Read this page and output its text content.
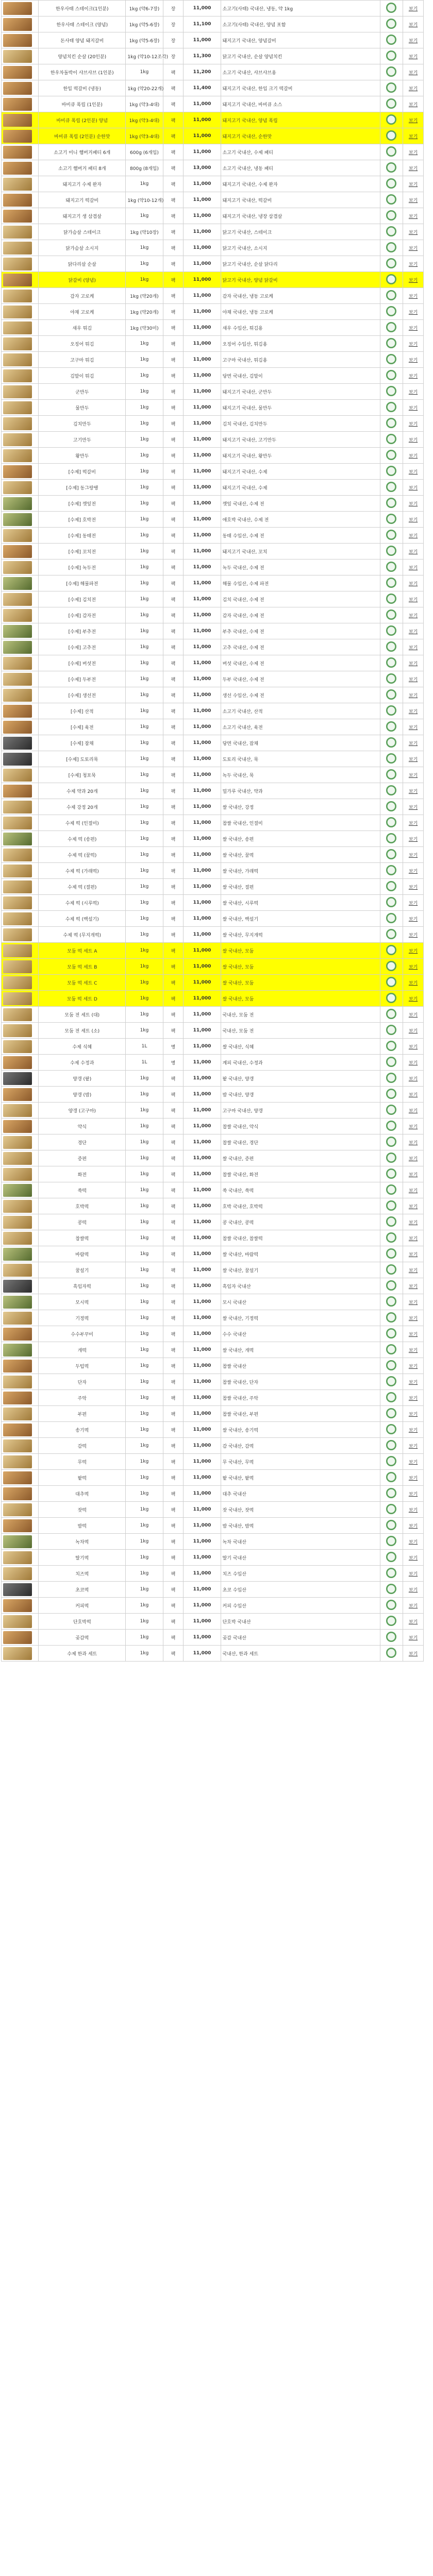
	한우사태 스테이크(1인분)	1kg (약6-7장)	장	11,000	소고기(사태) 국내산, 냉동, 약 1kg		보기

	한우사태 스테이크 (양념)	1kg (약5-6장)	장	11,100	소고기(사태) 국내산, 양념 포함		보기

	돈사태 양념 돼지갈비	1kg (약5-6장)	장	11,000	돼지고기 국내산, 양념갈비		보기

	양념치킨 순살 (20인분)	1kg (약10-12조각)	장	11,300	닭고기 국내산, 순살 양념치킨		보기

	한우차돌박이 샤브샤브 (1인분)	1kg	팩	11,200	소고기 국내산, 샤브샤브용		보기

	한입 떡갈비 (냉동)	1kg (약20-22개)	팩	11,400	돼지고기 국내산, 한입 크기 떡갈비		보기

	바비큐 폭립 (1인분)	1kg (약3-4대)	팩	11,000	돼지고기 국내산, 바비큐 소스		보기

	바비큐 폭립 (2인분) 양념	1kg (약3-4대)	팩	11,000	돼지고기 국내산, 양념 폭립		보기

	바비큐 폭립 (2인분) 순한맛	1kg (약3-4대)	팩	11,000	돼지고기 국내산, 순한맛		보기

	소고기 미니 햄버거패티 6개	600g (6개입)	팩	11,000	소고기 국내산, 수제 패티		보기

	소고기 햄버거 패티 8개	800g (8개입)	팩	13,000	소고기 국내산, 냉동 패티		보기

	돼지고기 수제 완자	1kg	팩	11,000	돼지고기 국내산, 수제 완자		보기

	돼지고기 떡갈비	1kg (약10-12개)	팩	11,000	돼지고기 국내산, 떡갈비		보기

	돼지고기 생 삼겹살	1kg	팩	11,000	돼지고기 국내산, 냉장 삼겹살		보기

	닭가슴살 스테이크	1kg (약10장)	팩	11,000	닭고기 국내산, 스테이크		보기

	닭가슴살 소시지	1kg	팩	11,000	닭고기 국내산, 소시지		보기

	닭다리살 순살	1kg	팩	11,000	닭고기 국내산, 순살 닭다리		보기

	닭갈비 (양념)	1kg	팩	11,000	닭고기 국내산, 양념 닭갈비		보기

	감자 고로케	1kg (약20개)	팩	11,000	감자 국내산, 냉동 고로케		보기

	야채 고로케	1kg (약20개)	팩	11,000	야채 국내산, 냉동 고로케		보기

	새우 튀김	1kg (약30미)	팩	11,000	새우 수입산, 튀김용		보기

	오징어 튀김	1kg	팩	11,000	오징어 수입산, 튀김용		보기

	고구마 튀김	1kg	팩	11,000	고구마 국내산, 튀김용		보기

	김말이 튀김	1kg	팩	11,000	당면 국내산, 김말이		보기

	군만두	1kg	팩	11,000	돼지고기 국내산, 군만두		보기

	물만두	1kg	팩	11,000	돼지고기 국내산, 물만두		보기

	김치만두	1kg	팩	11,000	김치 국내산, 김치만두		보기

	고기만두	1kg	팩	11,000	돼지고기 국내산, 고기만두		보기

	왕만두	1kg	팩	11,000	돼지고기 국내산, 왕만두		보기

	[수제] 떡갈비	1kg	팩	11,000	돼지고기 국내산, 수제		보기

	[수제] 동그랑땡	1kg	팩	11,000	돼지고기 국내산, 수제		보기

	[수제] 깻잎전	1kg	팩	11,000	깻잎 국내산, 수제 전		보기

	[수제] 호박전	1kg	팩	11,000	애호박 국내산, 수제 전		보기

	[수제] 동태전	1kg	팩	11,000	동태 수입산, 수제 전		보기

	[수제] 꼬치전	1kg	팩	11,000	돼지고기 국내산, 꼬치		보기

	[수제] 녹두전	1kg	팩	11,000	녹두 국내산, 수제 전		보기

	[수제] 해물파전	1kg	팩	11,000	해물 수입산, 수제 파전		보기

	[수제] 김치전	1kg	팩	11,000	김치 국내산, 수제 전		보기

	[수제] 감자전	1kg	팩	11,000	감자 국내산, 수제 전		보기

	[수제] 부추전	1kg	팩	11,000	부추 국내산, 수제 전		보기

	[수제] 고추전	1kg	팩	11,000	고추 국내산, 수제 전		보기

	[수제] 버섯전	1kg	팩	11,000	버섯 국내산, 수제 전		보기

	[수제] 두부전	1kg	팩	11,000	두부 국내산, 수제 전		보기

	[수제] 생선전	1kg	팩	11,000	생선 수입산, 수제 전		보기

	[수제] 산적	1kg	팩	11,000	소고기 국내산, 산적		보기

	[수제] 육전	1kg	팩	11,000	소고기 국내산, 육전		보기

	[수제] 잡채	1kg	팩	11,000	당면 국내산, 잡채		보기

	[수제] 도토리묵	1kg	팩	11,000	도토리 국내산, 묵		보기

	[수제] 청포묵	1kg	팩	11,000	녹두 국내산, 묵		보기

	수제 약과 20개	1kg	팩	11,000	밀가루 국내산, 약과		보기

	수제 강정 20개	1kg	팩	11,000	쌀 국내산, 강정		보기

	수제 떡 (인절미)	1kg	팩	11,000	찹쌀 국내산, 인절미		보기

	수제 떡 (송편)	1kg	팩	11,000	쌀 국내산, 송편		보기

	수제 떡 (꿀떡)	1kg	팩	11,000	쌀 국내산, 꿀떡		보기

	수제 떡 (가래떡)	1kg	팩	11,000	쌀 국내산, 가래떡		보기

	수제 떡 (절편)	1kg	팩	11,000	쌀 국내산, 절편		보기

	수제 떡 (시루떡)	1kg	팩	11,000	쌀 국내산, 시루떡		보기

	수제 떡 (백설기)	1kg	팩	11,000	쌀 국내산, 백설기		보기

	수제 떡 (무지개떡)	1kg	팩	11,000	쌀 국내산, 무지개떡		보기

	모둠 떡 세트 A	1kg	팩	11,000	쌀 국내산, 모둠		보기

	모둠 떡 세트 B	1kg	팩	11,000	쌀 국내산, 모둠		보기

	모둠 떡 세트 C	1kg	팩	11,000	쌀 국내산, 모둠		보기

	모둠 떡 세트 D	1kg	팩	11,000	쌀 국내산, 모둠		보기

	모둠 전 세트 (대)	1kg	팩	11,000	국내산, 모둠 전		보기

	모둠 전 세트 (소)	1kg	팩	11,000	국내산, 모둠 전		보기

	수제 식혜	1L	병	11,000	쌀 국내산, 식혜		보기

	수제 수정과	1L	병	11,000	계피 국내산, 수정과		보기

	양갱 (팥)	1kg	팩	11,000	팥 국내산, 양갱		보기

	양갱 (밤)	1kg	팩	11,000	밤 국내산, 양갱		보기

	양갱 (고구마)	1kg	팩	11,000	고구마 국내산, 양갱		보기

	약식	1kg	팩	11,000	찹쌀 국내산, 약식		보기

	경단	1kg	팩	11,000	찹쌀 국내산, 경단		보기

	증편	1kg	팩	11,000	쌀 국내산, 증편		보기

	화전	1kg	팩	11,000	찹쌀 국내산, 화전		보기

	쑥떡	1kg	팩	11,000	쑥 국내산, 쑥떡		보기

	호박떡	1kg	팩	11,000	호박 국내산, 호박떡		보기

	콩떡	1kg	팩	11,000	콩 국내산, 콩떡		보기

	찹쌀떡	1kg	팩	11,000	찹쌀 국내산, 찹쌀떡		보기

	바람떡	1kg	팩	11,000	쌀 국내산, 바람떡		보기

	꿀설기	1kg	팩	11,000	쌀 국내산, 꿀설기		보기

	흑임자떡	1kg	팩	11,000	흑임자 국내산		보기

	모시떡	1kg	팩	11,000	모시 국내산		보기

	기정떡	1kg	팩	11,000	쌀 국내산, 기정떡		보기

	수수부꾸미	1kg	팩	11,000	수수 국내산		보기

	개떡	1kg	팩	11,000	쌀 국내산, 개떡		보기

	두텁떡	1kg	팩	11,000	찹쌀 국내산		보기

	단자	1kg	팩	11,000	찹쌀 국내산, 단자		보기

	주악	1kg	팩	11,000	찹쌀 국내산, 주악		보기

	부편	1kg	팩	11,000	찹쌀 국내산, 부편		보기

	송기떡	1kg	팩	11,000	쌀 국내산, 송기떡		보기

	감떡	1kg	팩	11,000	감 국내산, 감떡		보기

	무떡	1kg	팩	11,000	무 국내산, 무떡		보기

	팥떡	1kg	팩	11,000	팥 국내산, 팥떡		보기

	대추떡	1kg	팩	11,000	대추 국내산		보기

	잣떡	1kg	팩	11,000	잣 국내산, 잣떡		보기

	밤떡	1kg	팩	11,000	밤 국내산, 밤떡		보기

	녹차떡	1kg	팩	11,000	녹차 국내산		보기

	딸기떡	1kg	팩	11,000	딸기 국내산		보기

	치즈떡	1kg	팩	11,000	치즈 수입산		보기

	초코떡	1kg	팩	11,000	초코 수입산		보기

	커피떡	1kg	팩	11,000	커피 수입산		보기

	단호박떡	1kg	팩	11,000	단호박 국내산		보기

	곶감떡	1kg	팩	11,000	곶감 국내산		보기

	수제 한과 세트	1kg	팩	11,000	국내산, 한과 세트		보기
